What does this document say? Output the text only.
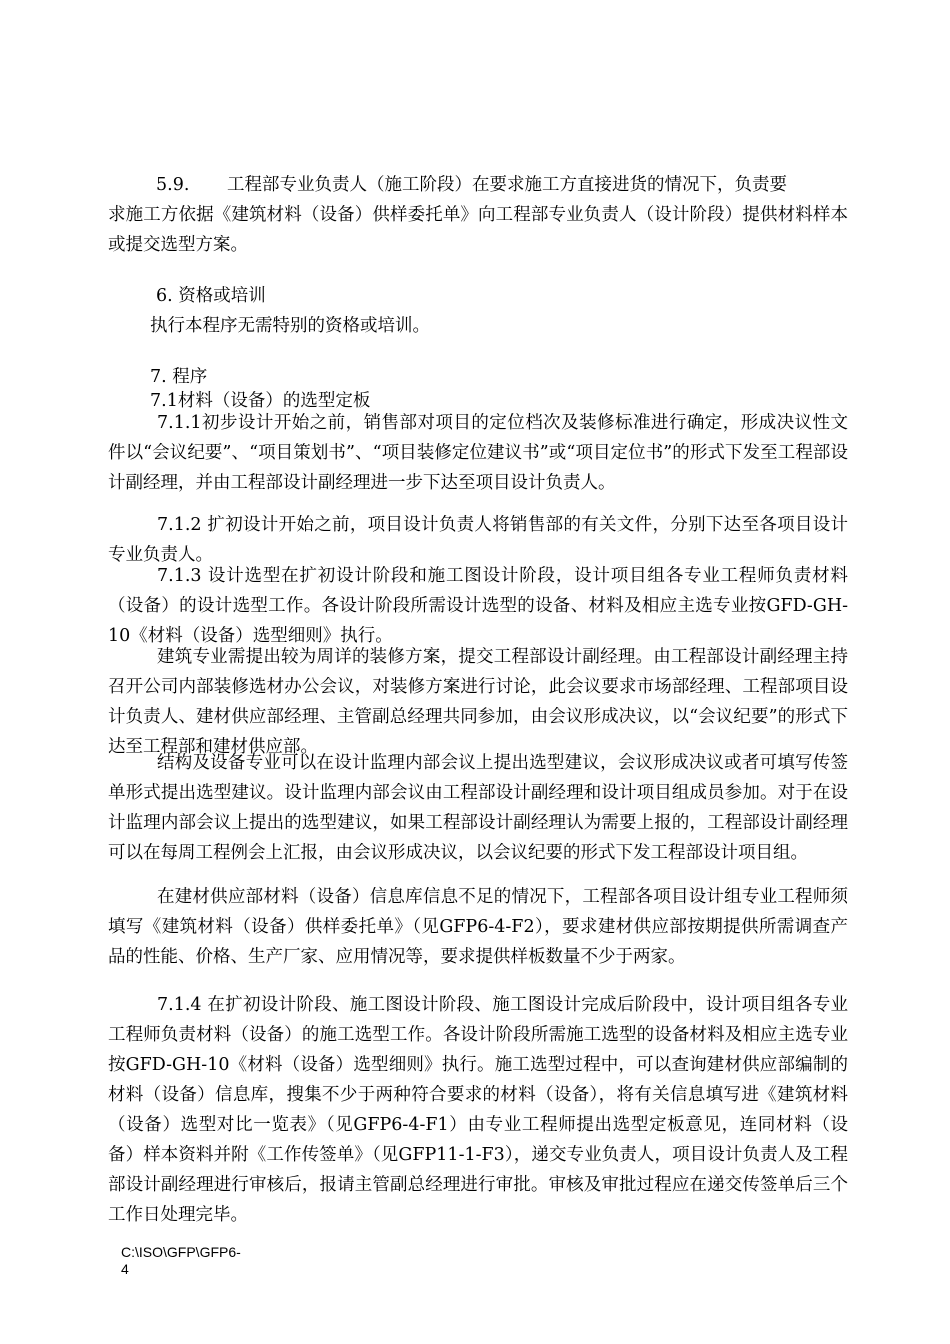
5.9. 工程部专业负责人（施工阶段）在要求施工方直接进货的情况下，负责要
求施工方依据《建筑材料（设备）供样委托单》向工程部专业负责人（设计阶段）提供材料样本或提交选型方案。
6. 资格或培训
执行本程序无需特别的资格或培训。
7. 程序
7.1材料（设备）的选型定板
7.1.1初步设计开始之前，销售部对项目的定位档次及装修标准进行确定，形成决议性文件以“会议纪要”、“项目策划书”、“项目装修定位建议书”或“项目定位书”的形式下发至工程部设计副经理，并由工程部设计副经理进一步下达至项目设计负责人。
7.1.2 扩初设计开始之前，项目设计负责人将销售部的有关文件，分别下达至各项目设计专业负责人。
7.1.3 设计选型在扩初设计阶段和施工图设计阶段，设计项目组各专业工程师负责材料（设备）的设计选型工作。各设计阶段所需设计选型的设备、材料及相应主选专业按GFD-GH-10《材料（设备）选型细则》执行。
建筑专业需提出较为周详的装修方案，提交工程部设计副经理。由工程部设计副经理主持召开公司内部装修选材办公会议，对装修方案进行讨论，此会议要求市场部经理、工程部项目设计负责人、建材供应部经理、主管副总经理共同参加，由会议形成决议，以“会议纪要”的形式下达至工程部和建材供应部。
结构及设备专业可以在设计监理内部会议上提出选型建议，会议形成决议或者可填写传签单形式提出选型建议。设计监理内部会议由工程部设计副经理和设计项目组成员参加。对于在设计监理内部会议上提出的选型建议，如果工程部设计副经理认为需要上报的，工程部设计副经理可以在每周工程例会上汇报，由会议形成决议，以会议纪要的形式下发工程部设计项目组。
在建材供应部材料（设备）信息库信息不足的情况下，工程部各项目设计组专业工程师须填写《建筑材料（设备）供样委托单》（见GFP6-4-F2），要求建材供应部按期提供所需调查产品的性能、价格、生产厂家、应用情况等，要求提供样板数量不少于两家。
7.1.4 在扩初设计阶段、施工图设计阶段、施工图设计完成后阶段中，设计项目组各专业工程师负责材料（设备）的施工选型工作。各设计阶段所需施工选型的设备材料及相应主选专业按GFD-GH-10《材料（设备）选型细则》执行。施工选型过程中，可以查询建材供应部编制的材料（设备）信息库，搜集不少于两种符合要求的材料（设备），将有关信息填写进《建筑材料（设备）选型对比一览表》（见GFP6-4-F1）由专业工程师提出选型定板意见，连同材料（设备）样本资料并附《工作传签单》（见GFP11-1-F3），递交专业负责人，项目设计负责人及工程部设计副经理进行审核后，报请主管副总经理进行审批。审核及审批过程应在递交传签单后三个工作日处理完毕。
C:\ISO\GFP\GFP6-4
